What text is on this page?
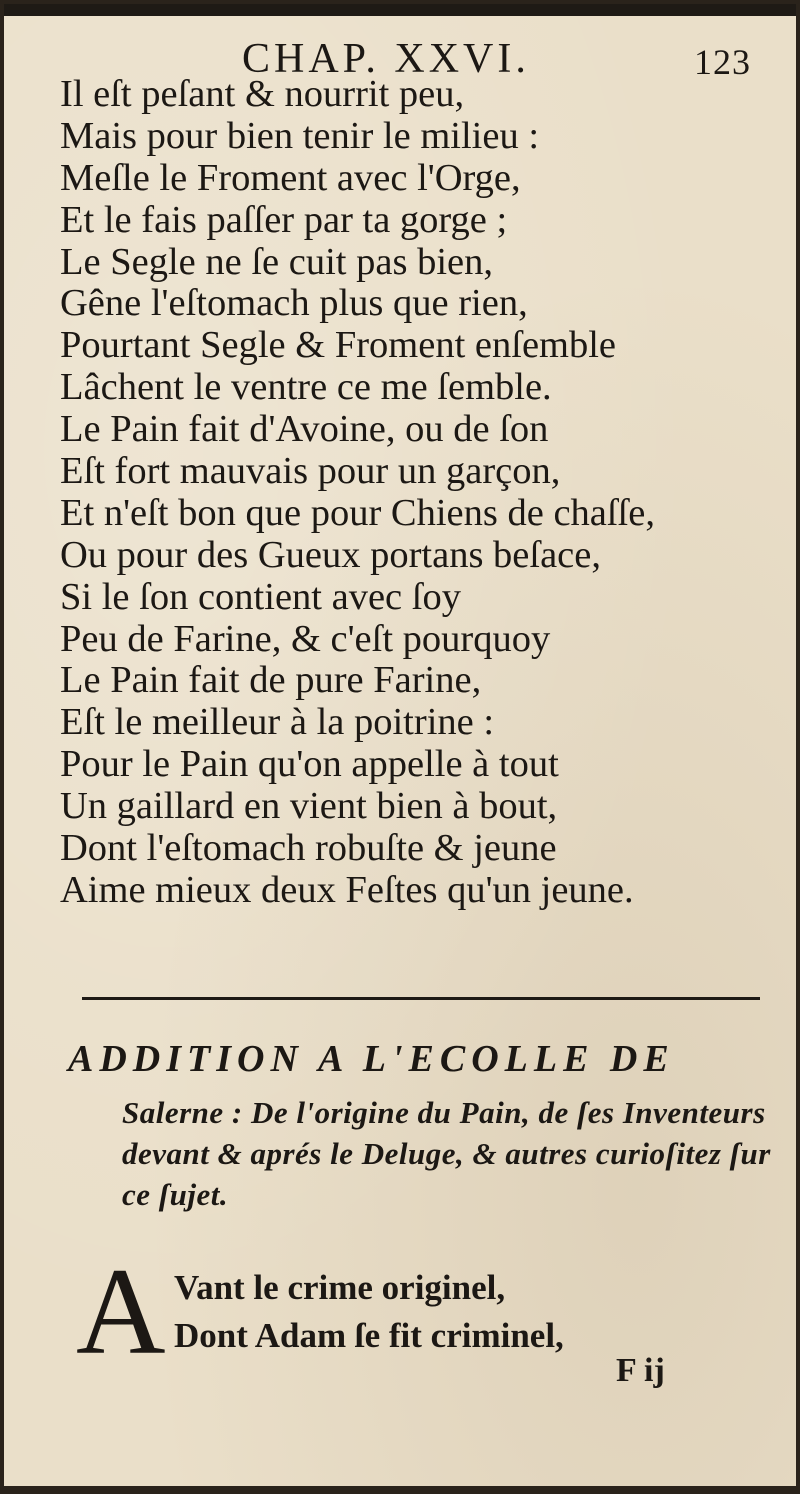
CHAP. XXVI.	123
Il eſt peſant & nourrit peu,
Mais pour bien tenir le milieu :
Meſle le Froment avec l'Orge,
Et le fais paſſer par ta gorge ;
Le Segle ne ſe cuit pas bien,
Gêne l'eſtomach plus que rien,
Pourtant Segle & Froment enſemble
Lâchent le ventre ce me ſemble.
Le Pain fait d'Avoine, ou de ſon
Eſt fort mauvais pour un garçon,
Et n'eſt bon que pour Chiens de chaſſe,
Ou pour des Gueux portans beſace,
Si le ſon contient avec ſoy
Peu de Farine, & c'eſt pourquoy
Le Pain fait de pure Farine,
Eſt le meilleur à la poitrine :
Pour le Pain qu'on appelle à tout
Un gaillard en vient bien à bout,
Dont l'eſtomach robuſte & jeune
Aime mieux deux Feſtes qu'un jeune.
ADDITION A L'ECOLLE DE
Salerne : De l'origine du Pain, de ſes Inventeurs devant & aprés le Deluge, & autres curioſitez ſur ce ſujet.
A Vant le crime originel,
Dont Adam ſe fit criminel,
F ij
